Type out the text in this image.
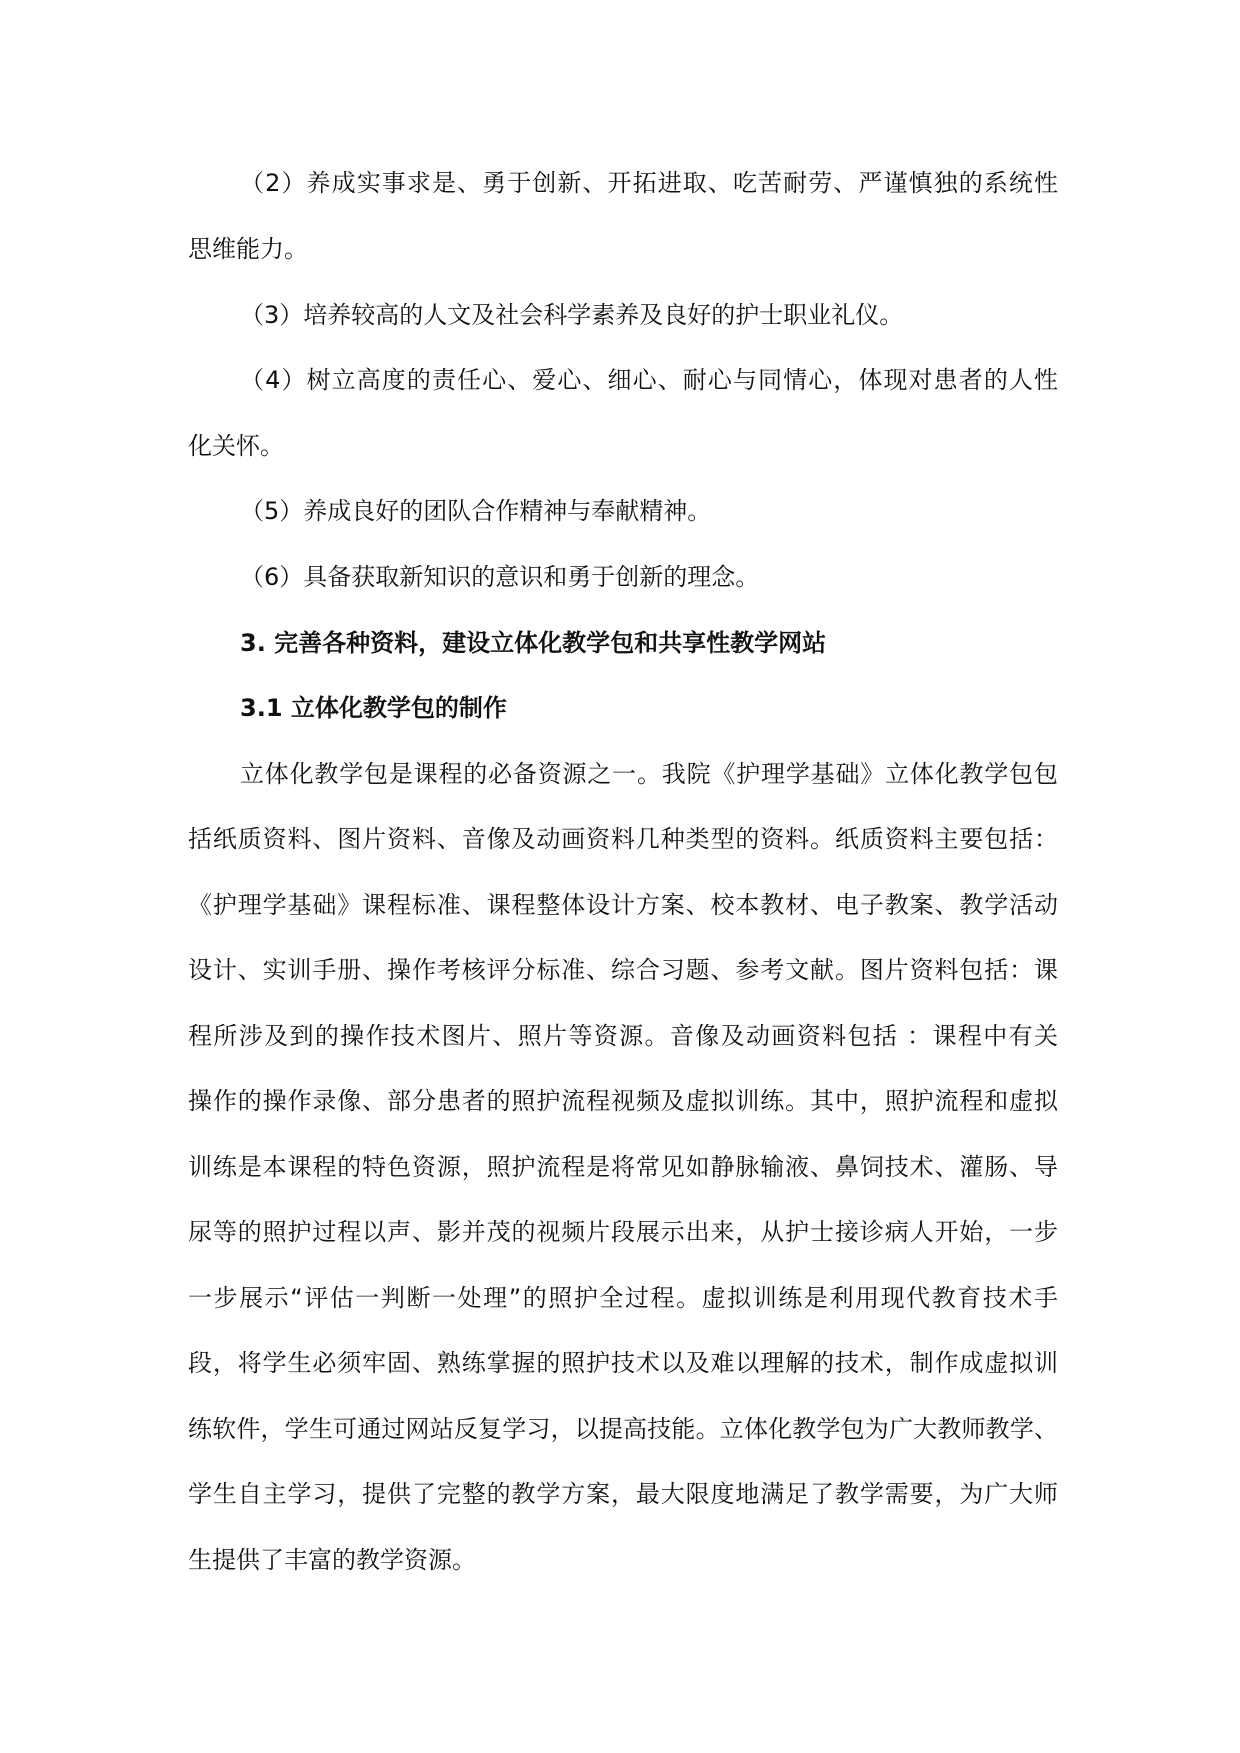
（2）养成实事求是、勇于创新、开拓进取、吃苦耐劳、严谨慎独的系统性
思维能力。
（3）培养较高的人文及社会科学素养及良好的护士职业礼仪。
（4）树立高度的责任心、爱心、细心、耐心与同情心，体现对患者的人性
化关怀。
（5）养成良好的团队合作精神与奉献精神。
（6）具备获取新知识的意识和勇于创新的理念。
3. 完善各种资料，建设立体化教学包和共享性教学网站
3.1 立体化教学包的制作
立体化教学包是课程的必备资源之一。我院《护理学基础》立体化教学包包
括纸质资料、图片资料、音像及动画资料几种类型的资料。纸质资料主要包括：
《护理学基础》课程标准、课程整体设计方案、校本教材、电子教案、教学活动
设计、实训手册、操作考核评分标准、综合习题、参考文献。图片资料包括：课
程所涉及到的操作技术图片、照片等资源。音像及动画资料包括 ：课程中有关
操作的操作录像、部分患者的照护流程视频及虚拟训练。其中，照护流程和虚拟
训练是本课程的特色资源，照护流程是将常见如静脉输液、鼻饲技术、灌肠、导
尿等的照护过程以声、影并茂的视频片段展示出来，从护士接诊病人开始，一步
一步展示“评估一判断一处理”的照护全过程。虚拟训练是利用现代教育技术手
段，将学生必须牢固、熟练掌握的照护技术以及难以理解的技术，制作成虚拟训
练软件，学生可通过网站反复学习，以提高技能。立体化教学包为广大教师教学、
学生自主学习，提供了完整的教学方案，最大限度地满足了教学需要，为广大师
生提供了丰富的教学资源。
